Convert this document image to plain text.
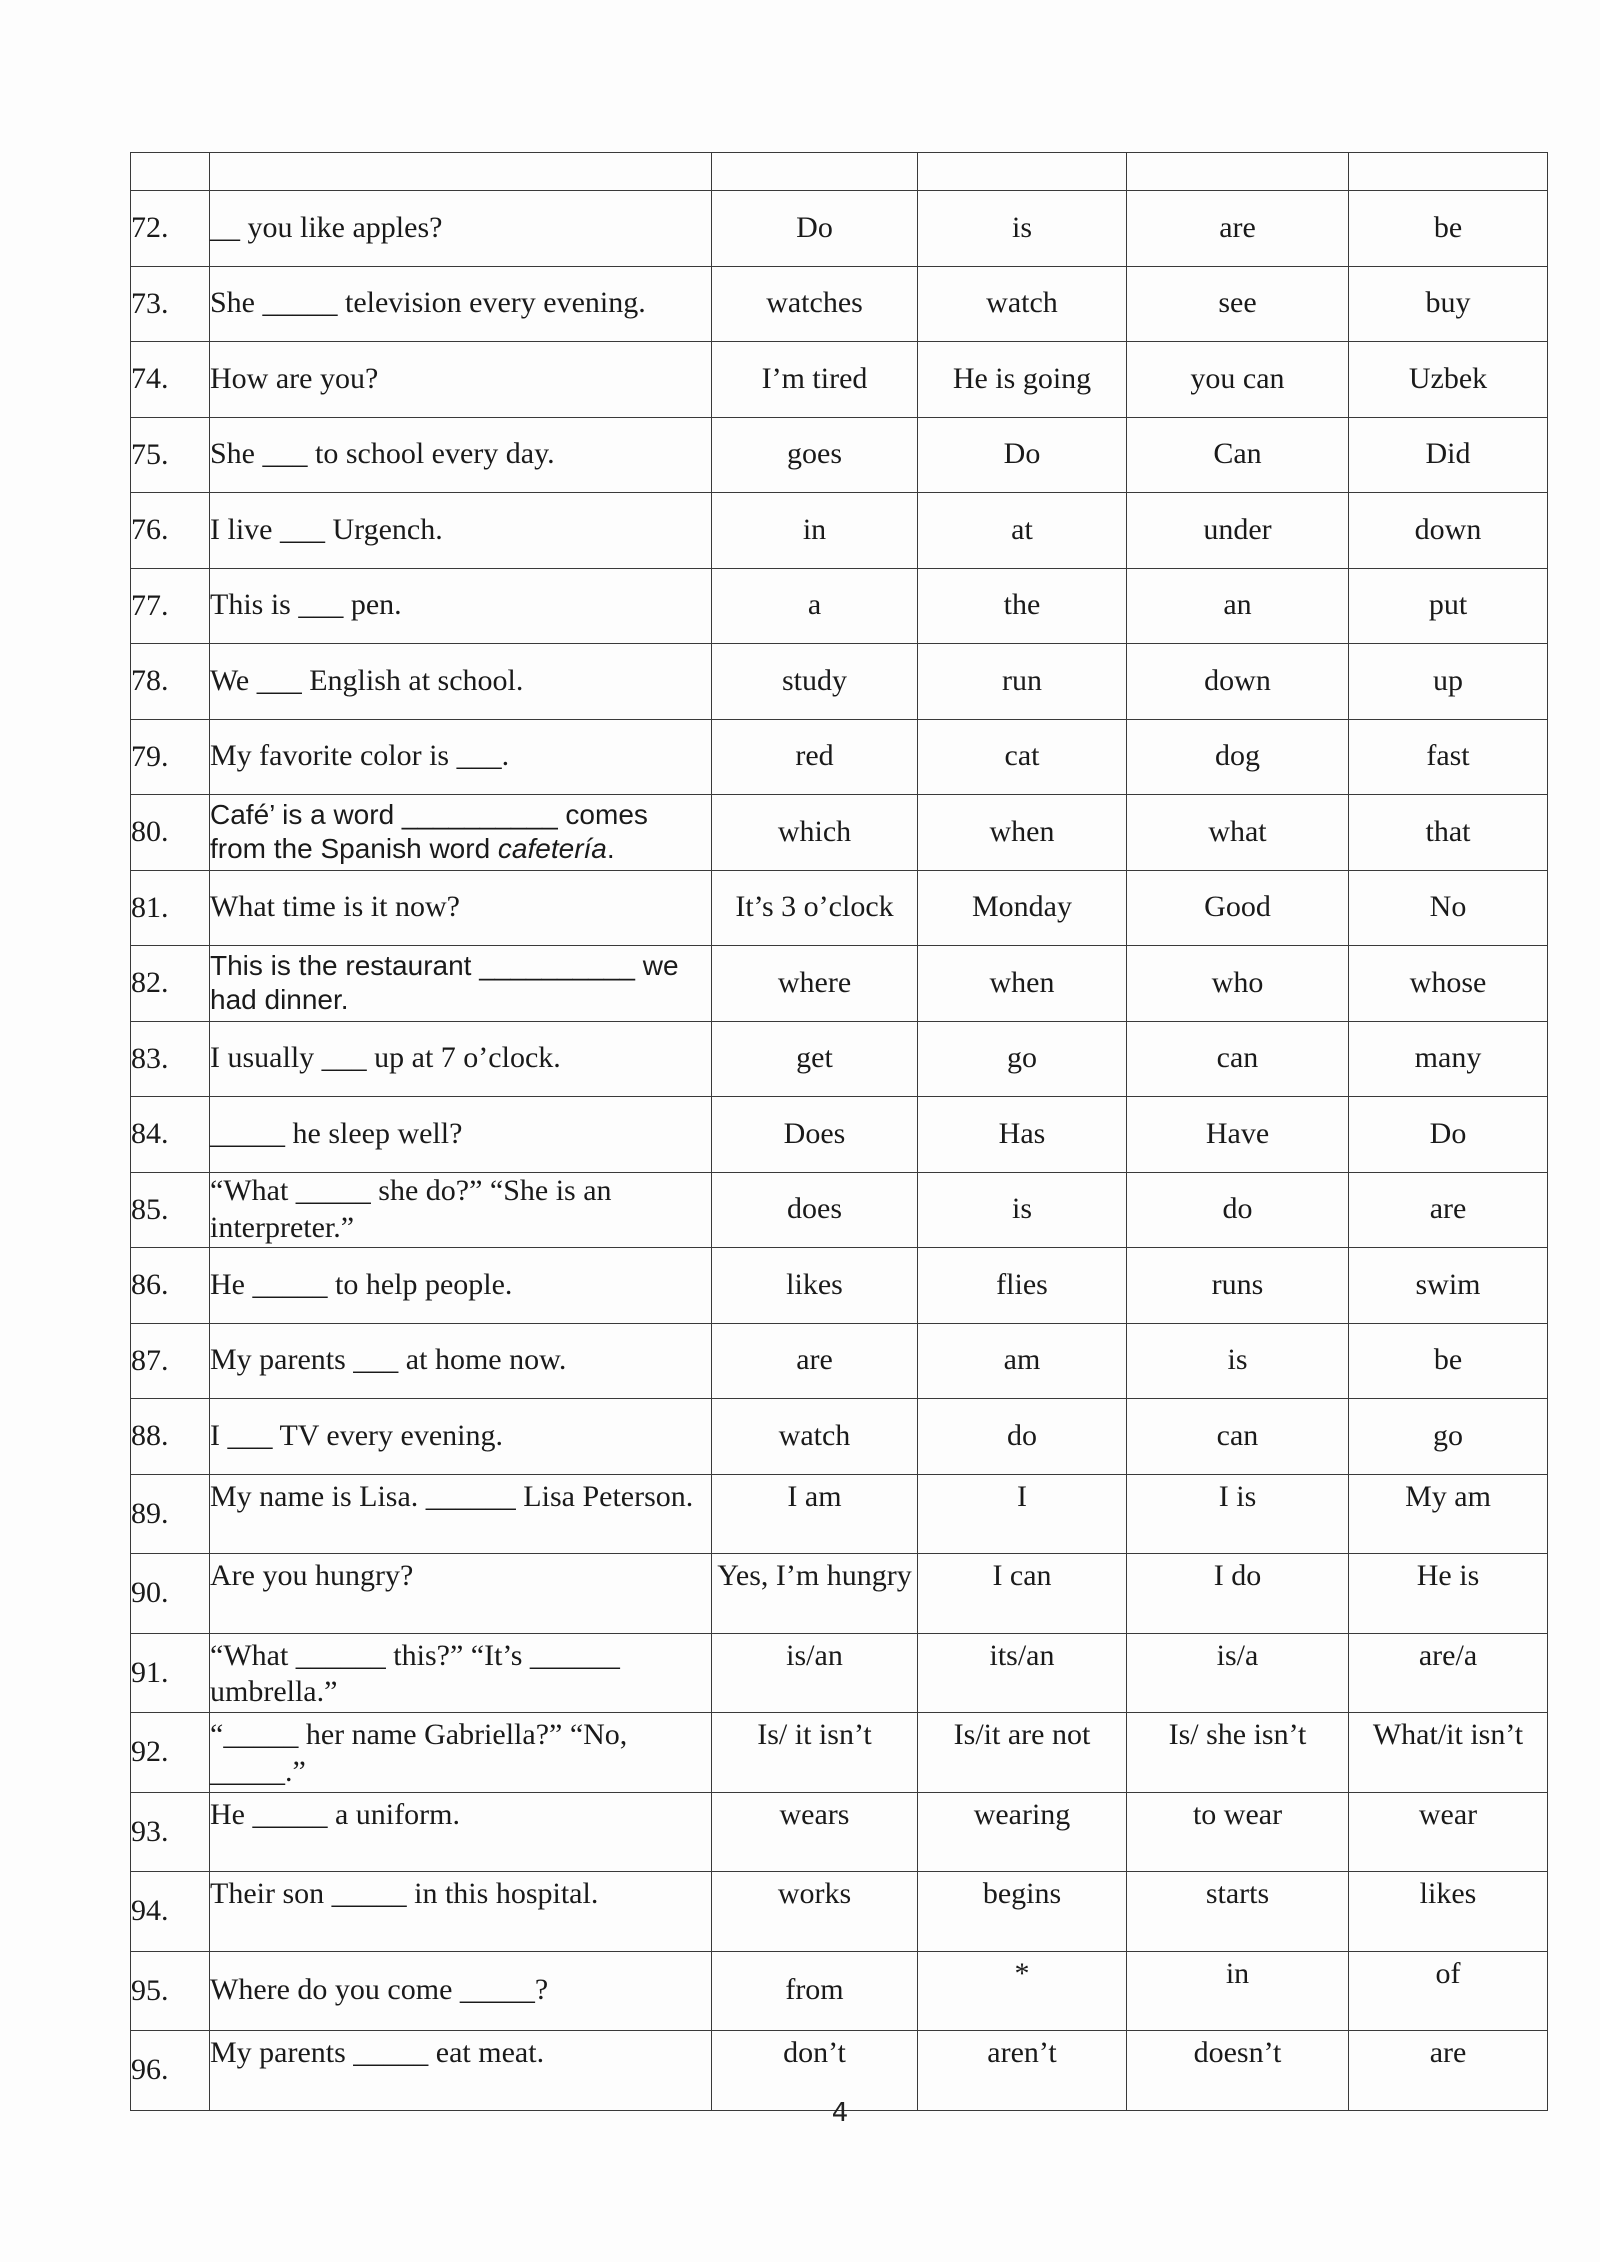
72.	__ you like apples?	Do	is	are	be
73.	She _____ television every evening.	watches	watch	see	buy
74.	How are you?	I’m tired	He is going	you can	Uzbek
75.	She ___ to school every day.	goes	Do	Can	Did
76.	I live ___ Urgench.	in	at	under	down
77.	This is ___ pen.	a	the	an	put
78.	We ___ English at school.	study	run	down	up
79.	My favorite color is ___.	red	cat	dog	fast
80.	Café’ is a word __________ comes from the Spanish word cafetería.	which	when	what	that
81.	What time is it now?	It’s 3 o’clock	Monday	Good	No
82.	This is the restaurant __________ we had dinner.	where	when	who	whose
83.	I usually ___ up at 7 o’clock.	get	go	can	many
84.	_____ he sleep well?	Does	Has	Have	Do
85.	“What _____ she do?” “She is an interpreter.”	does	is	do	are
86.	He _____ to help people.	likes	flies	runs	swim
87.	My parents ___ at home now.	are	am	is	be
88.	I ___ TV every evening.	watch	do	can	go
89.	My name is Lisa. ______ Lisa Peterson.	I am	I	I is	My am
90.	Are you hungry?	Yes, I’m hungry	I can	I do	He is
91.	“What ______ this?” “It’s ______ umbrella.”	is/an	its/an	is/a	are/a
92.	“_____ her name Gabriella?” “No, _____.”	Is/ it isn’t	Is/it are not	Is/ she isn’t	What/it isn’t
93.	He _____ a uniform.	wears	wearing	to wear	wear
94.	Their son _____ in this hospital.	works	begins	starts	likes
95.	Where do you come _____?	from	*	in	of
96.	My parents _____ eat meat.	don’t	aren’t	doesn’t	are
4
